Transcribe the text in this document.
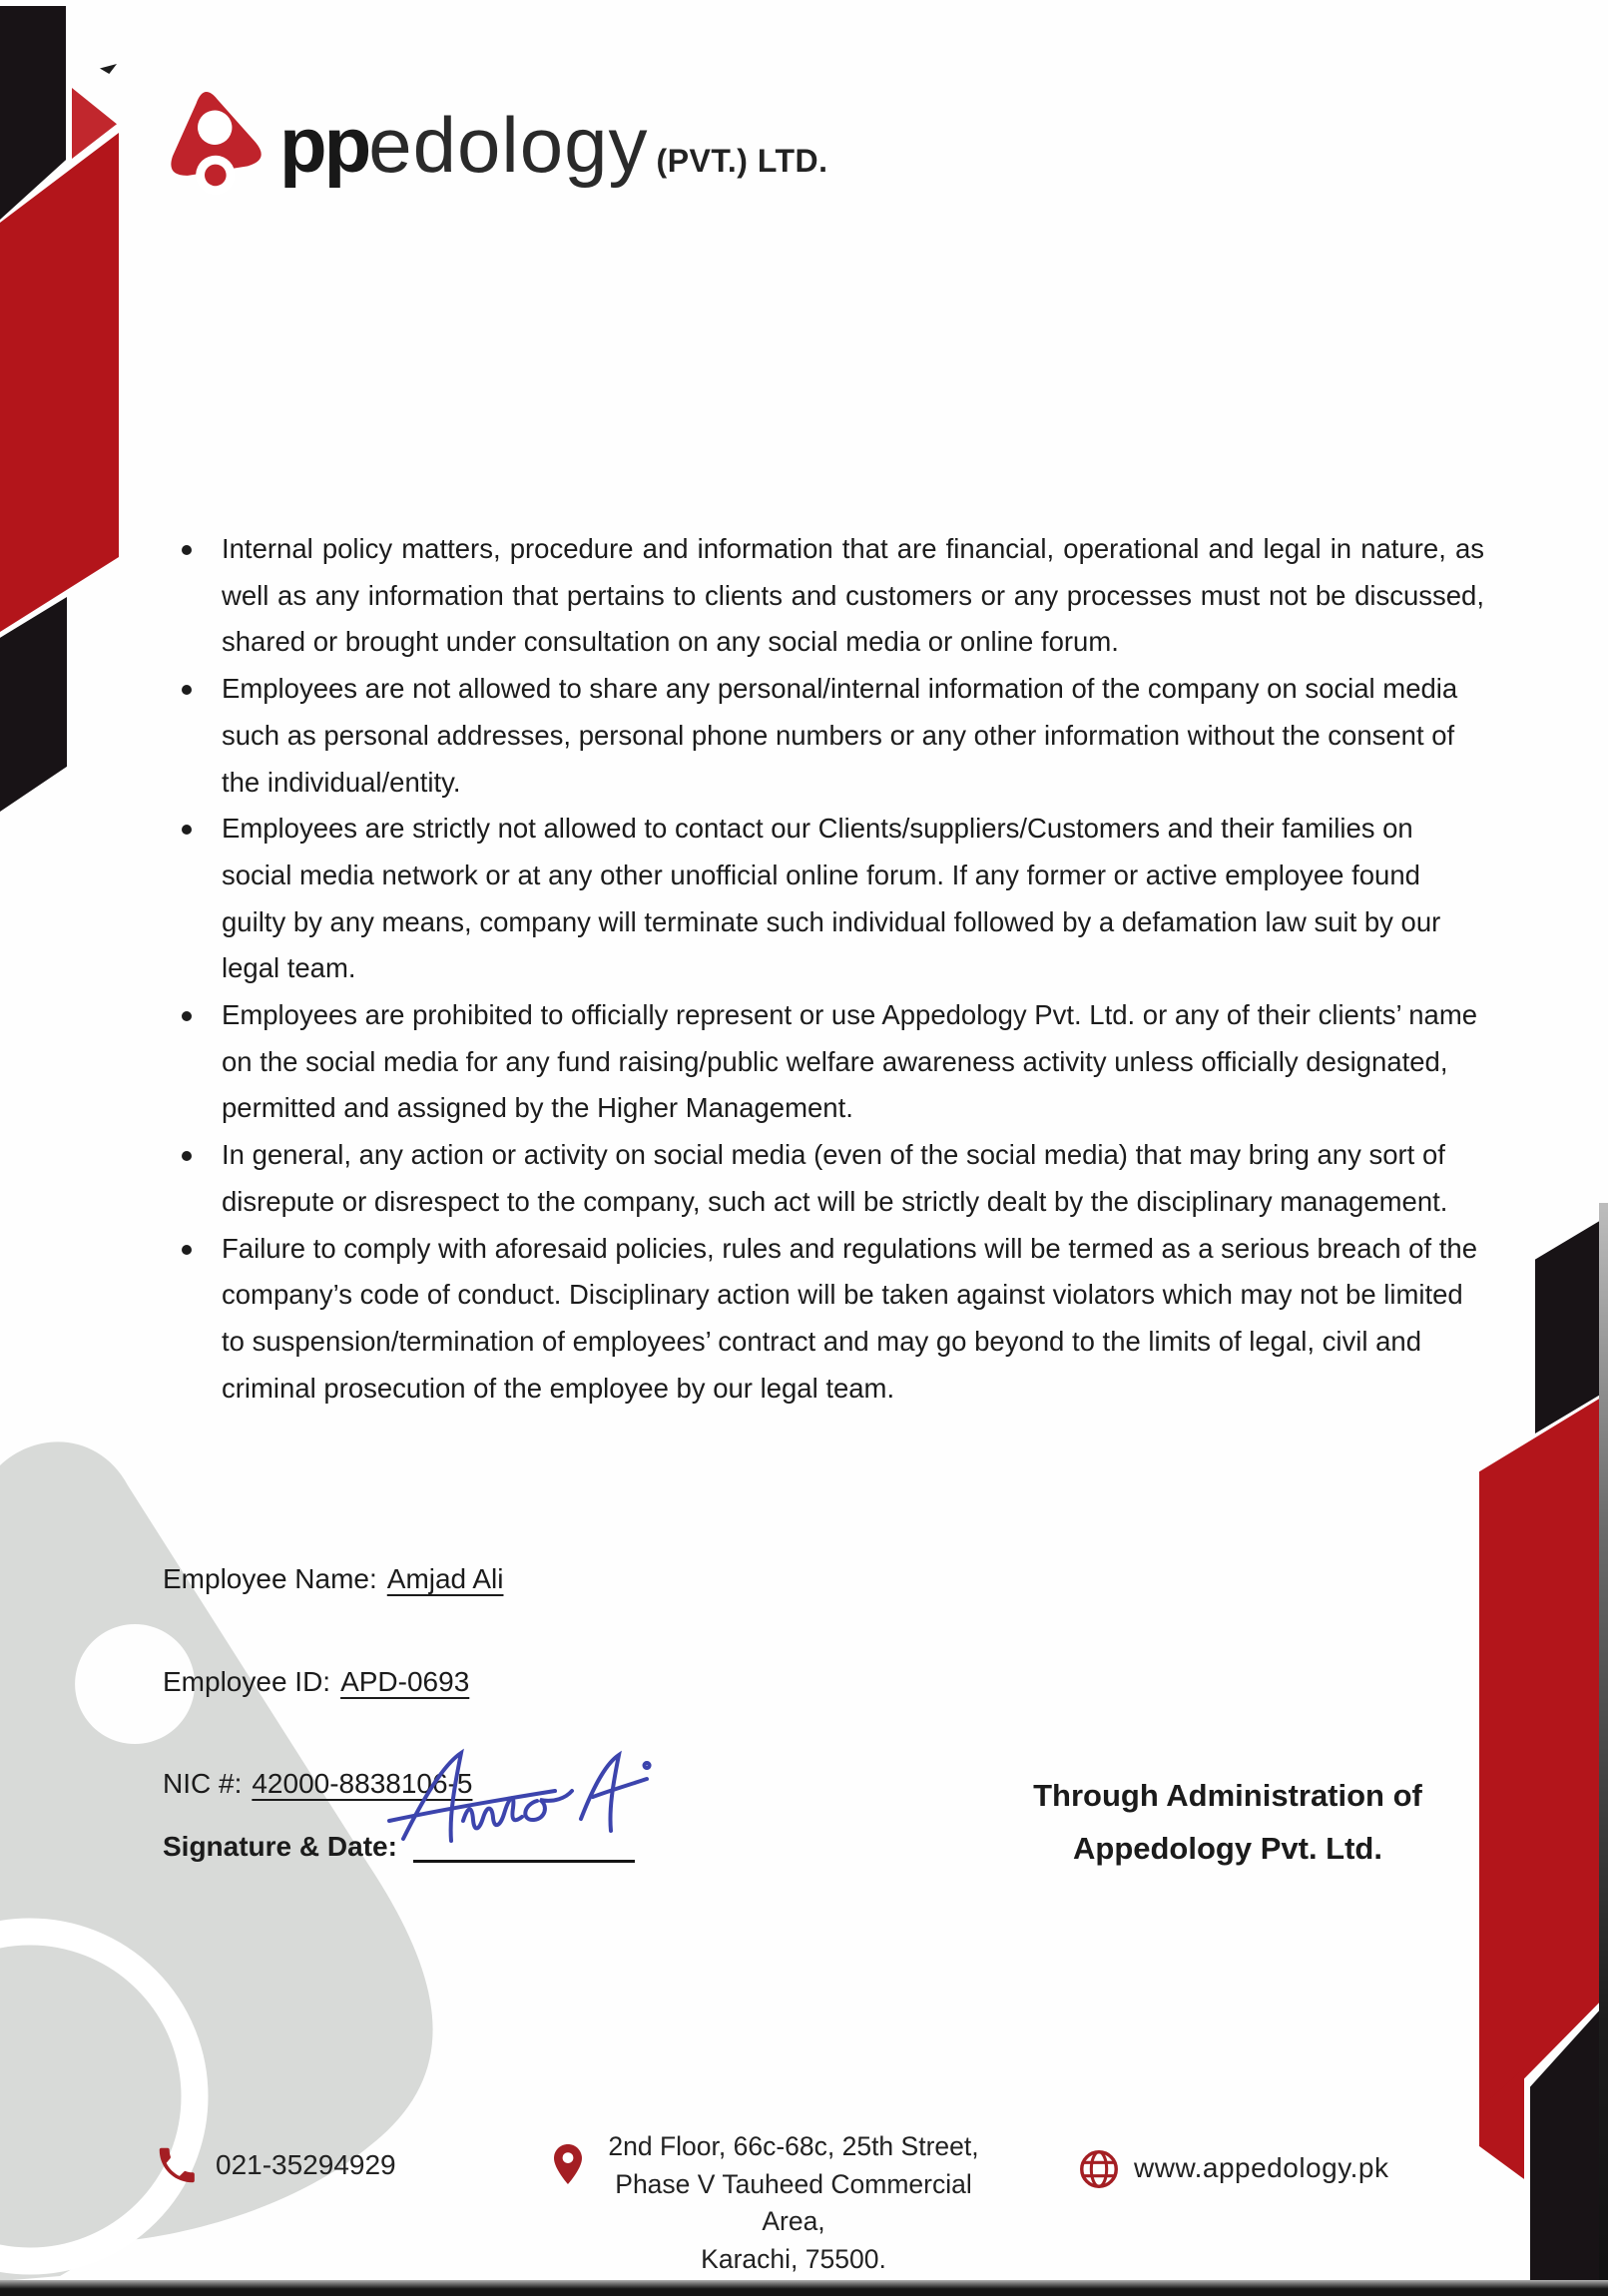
pp edology (PVT.) LTD.
Internal policy matters, procedure and information that are financial, operational and legal in nature, as well as any information that pertains to clients and customers or any processes must not be discussed, shared or brought under consultation on any social media or online forum.
Employees are not allowed to share any personal/internal information of the company on social media such as personal addresses, personal phone numbers or any other information without the consent of the individual/entity.
Employees are strictly not allowed to contact our Clients/suppliers/Customers and their families on social media network or at any other unofficial online forum. If any former or active employee found guilty by any means, company will terminate such individual followed by a defamation law suit by our legal team.
Employees are prohibited to officially represent or use Appedology Pvt. Ltd. or any of their clients’ name on the social media for any fund raising/public welfare awareness activity unless officially designated, permitted and assigned by the Higher Management.
In general, any action or activity on social media (even of the social media) that may bring any sort of disrepute or disrespect to the company, such act will be strictly dealt by the disciplinary management.
Failure to comply with aforesaid policies, rules and regulations will be termed as a serious breach of the company’s code of conduct. Disciplinary action will be taken against violators which may not be limited to suspension/termination of employees’ contract and may go beyond to the limits of legal, civil and criminal prosecution of the employee by our legal team.
Employee Name: Amjad Ali
Employee ID: APD-0693
NIC #: 42000-8838106-5
Signature & Date:
Through Administration of
Appedology Pvt. Ltd.
021-35294929
2nd Floor, 66c-68c, 25th Street,
Phase V Tauheed Commercial Area,
Karachi, 75500.
www.appedology.pk
